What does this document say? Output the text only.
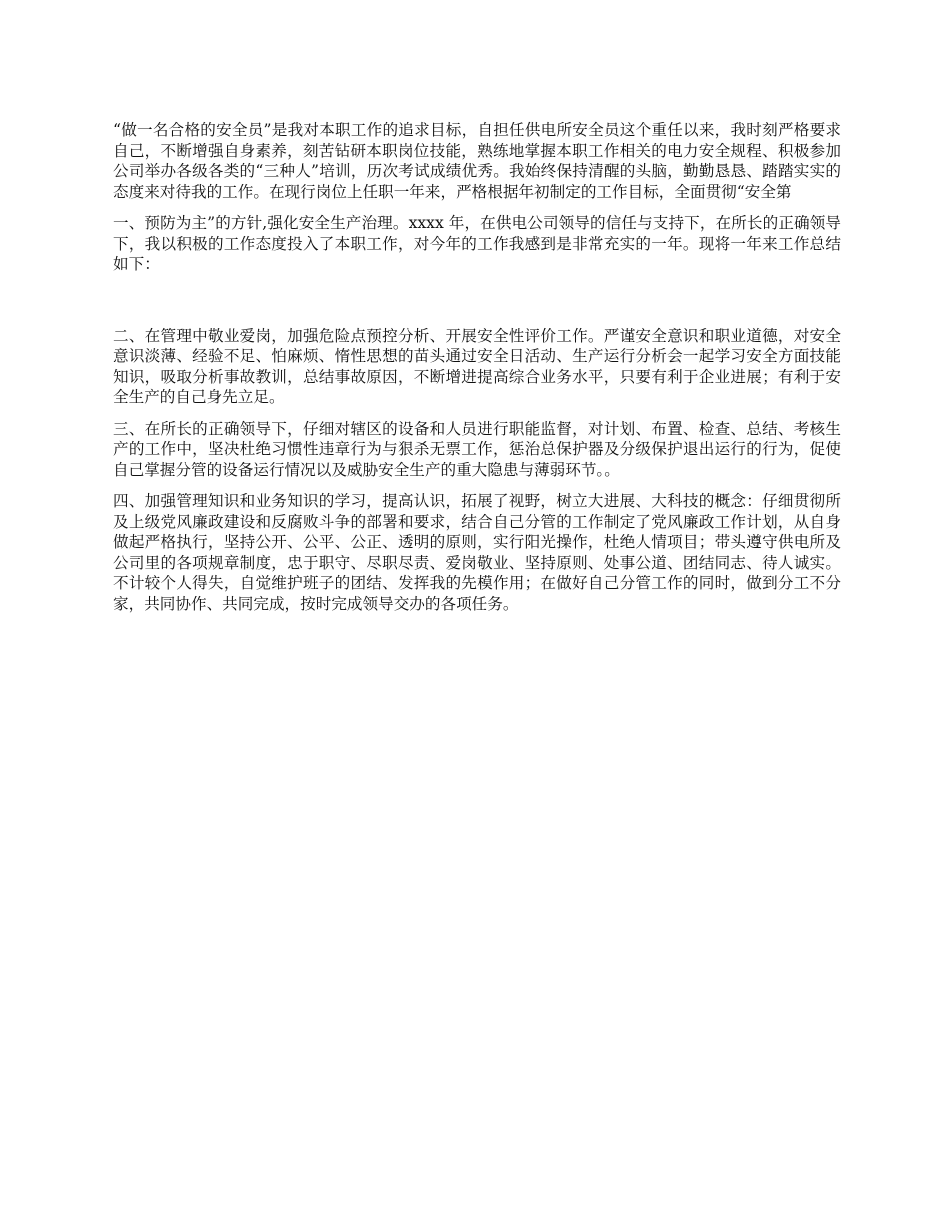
“做一名合格的安全员”是我对本职工作的追求目标，自担任供电所安全员这个重任以来，我时刻严格要求自己，不断增强自身素养，刻苦钻研本职岗位技能，熟练地掌握本职工作相关的电力安全规程、积极参加公司举办各级各类的“三种人”培训，历次考试成绩优秀。我始终保持清醒的头脑，勤勤恳恳、踏踏实实的态度来对待我的工作。在现行岗位上任职一年来，严格根据年初制定的工作目标，全面贯彻“安全第

一、预防为主”的方针,强化安全生产治理。xxxx 年，在供电公司领导的信任与支持下，在所长的正确领导下，我以积极的工作态度投入了本职工作，对今年的工作我感到是非常充实的一年。现将一年来工作总结如下：

二、在管理中敬业爱岗，加强危险点预控分析、开展安全性评价工作。严谨安全意识和职业道德，对安全意识淡薄、经验不足、怕麻烦、惰性思想的苗头通过安全日活动、生产运行分析会一起学习安全方面技能知识，吸取分析事故教训，总结事故原因，不断增进提高综合业务水平，只要有利于企业进展；有利于安全生产的自己身先立足。

三、在所长的正确领导下，仔细对辖区的设备和人员进行职能监督，对计划、布置、检查、总结、考核生产的工作中，坚决杜绝习惯性违章行为与狠杀无票工作，惩治总保护器及分级保护退出运行的行为，促使自己掌握分管的设备运行情况以及威胁安全生产的重大隐患与薄弱环节。。

四、加强管理知识和业务知识的学习，提高认识，拓展了视野，树立大进展、大科技的概念：仔细贯彻所及上级党风廉政建设和反腐败斗争的部署和要求，结合自己分管的工作制定了党风廉政工作计划，从自身做起严格执行，坚持公开、公平、公正、透明的原则，实行阳光操作，杜绝人情项目；带头遵守供电所及公司里的各项规章制度，忠于职守、尽职尽责、爱岗敬业、坚持原则、处事公道、团结同志、待人诚实。不计较个人得失，自觉维护班子的团结、发挥我的先模作用；在做好自己分管工作的同时，做到分工不分家，共同协作、共同完成，按时完成领导交办的各项任务。
